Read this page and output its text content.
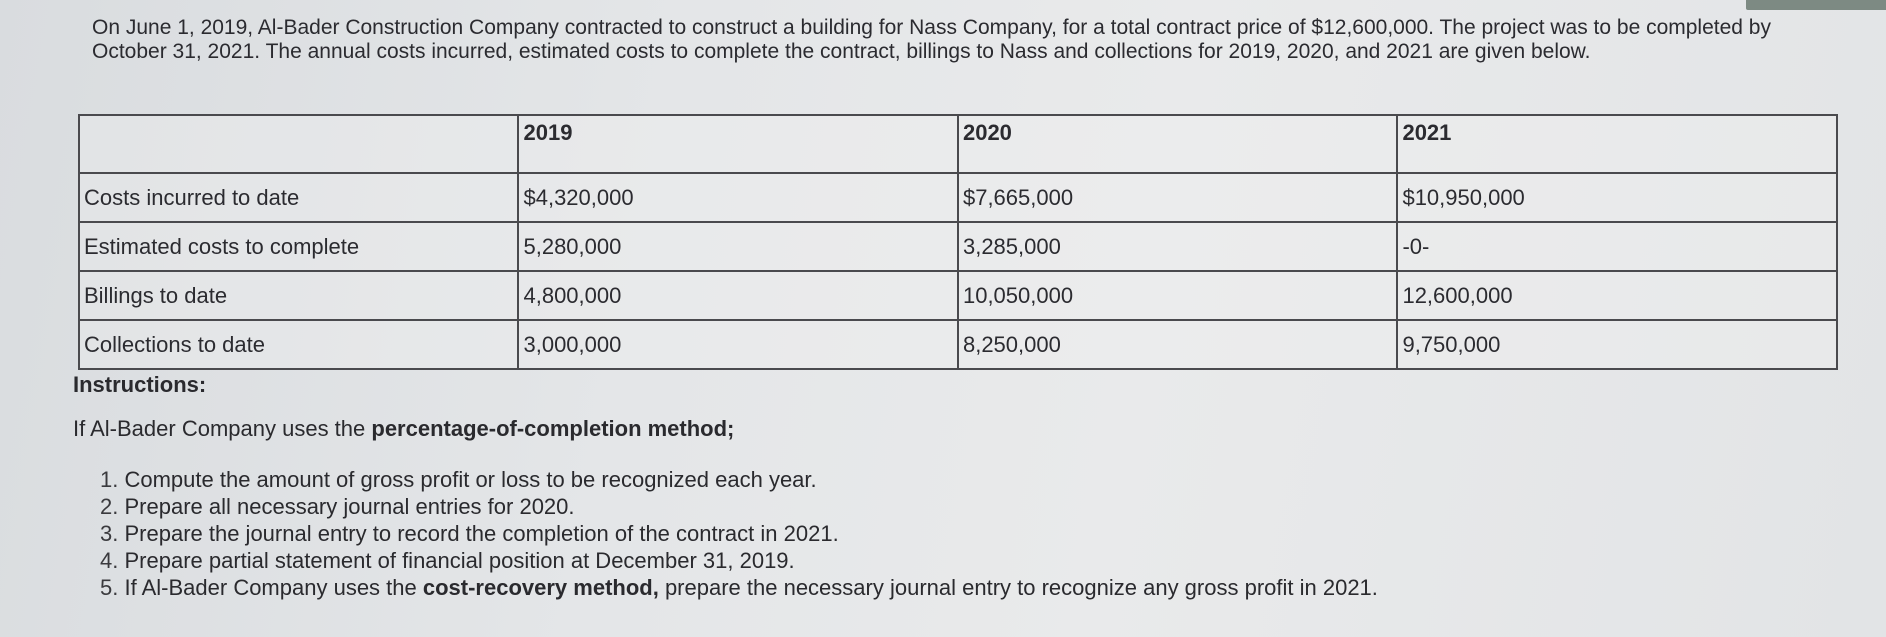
On June 1, 2019, Al-Bader Construction Company contracted to construct a building for Nass Company, for a total contract price of $12,600,000. The project was to be completed by October 31, 2021. The annual costs incurred, estimated costs to complete the contract, billings to Nass and collections for 2019, 2020, and 2021 are given below.
	2019	2020	2021
Costs incurred to date	$4,320,000	$7,665,000	$10,950,000
Estimated costs to complete	5,280,000	3,285,000	-0-
Billings to date	4,800,000	10,050,000	12,600,000
Collections to date	3,000,000	8,250,000	9,750,000
Instructions:
If Al-Bader Company uses the percentage-of-completion method;
1. Compute the amount of gross profit or loss to be recognized each year.
2. Prepare all necessary journal entries for 2020.
3. Prepare the journal entry to record the completion of the contract in 2021.
4. Prepare partial statement of financial position at December 31, 2019.
5. If Al-Bader Company uses the cost-recovery method, prepare the necessary journal entry to recognize any gross profit in 2021.
